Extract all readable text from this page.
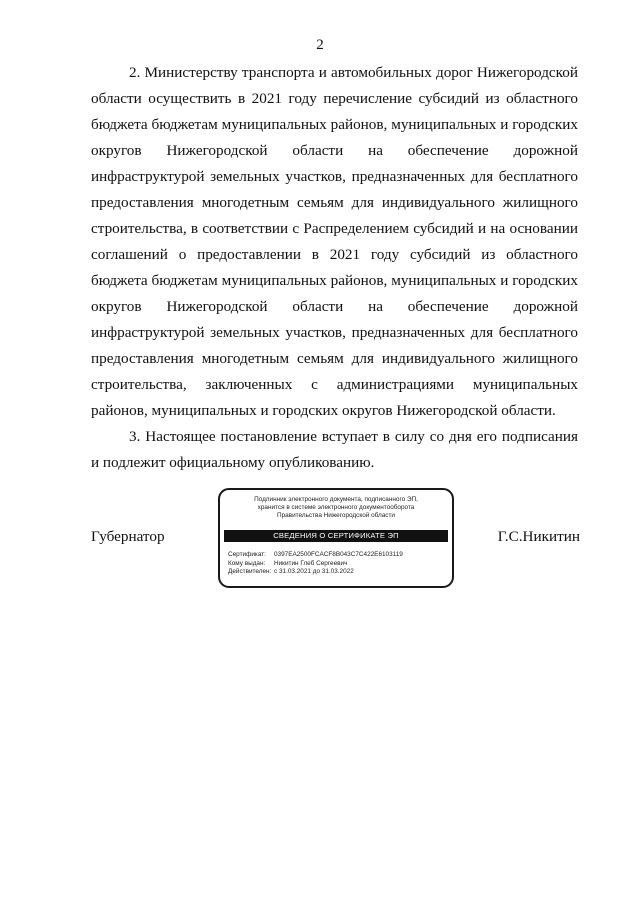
2

2. Министерству транспорта и автомобильных дорог Нижегородской области осуществить в 2021 году перечисление субсидий из областного бюджета бюджетам муниципальных районов, муниципальных и городских округов Нижегородской области на обеспечение дорожной инфраструктурой земельных участков, предназначенных для бесплатного предоставления многодетным семьям для индивидуального жилищного строительства, в соответствии с Распределением субсидий и на основании соглашений о предоставлении в 2021 году субсидий из областного бюджета бюджетам муниципальных районов, муниципальных и городских округов Нижегородской области на обеспечение дорожной инфраструктурой земельных участков, предназначенных для бесплатного предоставления многодетным семьям для индивидуального жилищного строительства, заключенных с администрациями муниципальных районов, муниципальных и городских округов Нижегородской области.

3. Настоящее постановление вступает в силу со дня его подписания и подлежит официальному опубликованию.

Губернатор
Подлинник электронного документа, подписанного ЭП,
хранится в системе электронного документооборота
Правительства Нижегородской области
СВЕДЕНИЯ О СЕРТИФИКАТЕ ЭП
Сертификат: 0397EA2500FCACF8B043C7C422E6103119
Кому выдан: Никитин Глеб Сергеевич
Действителен: с 31.03.2021 до 31.03.2022
Г.С.Никитин
